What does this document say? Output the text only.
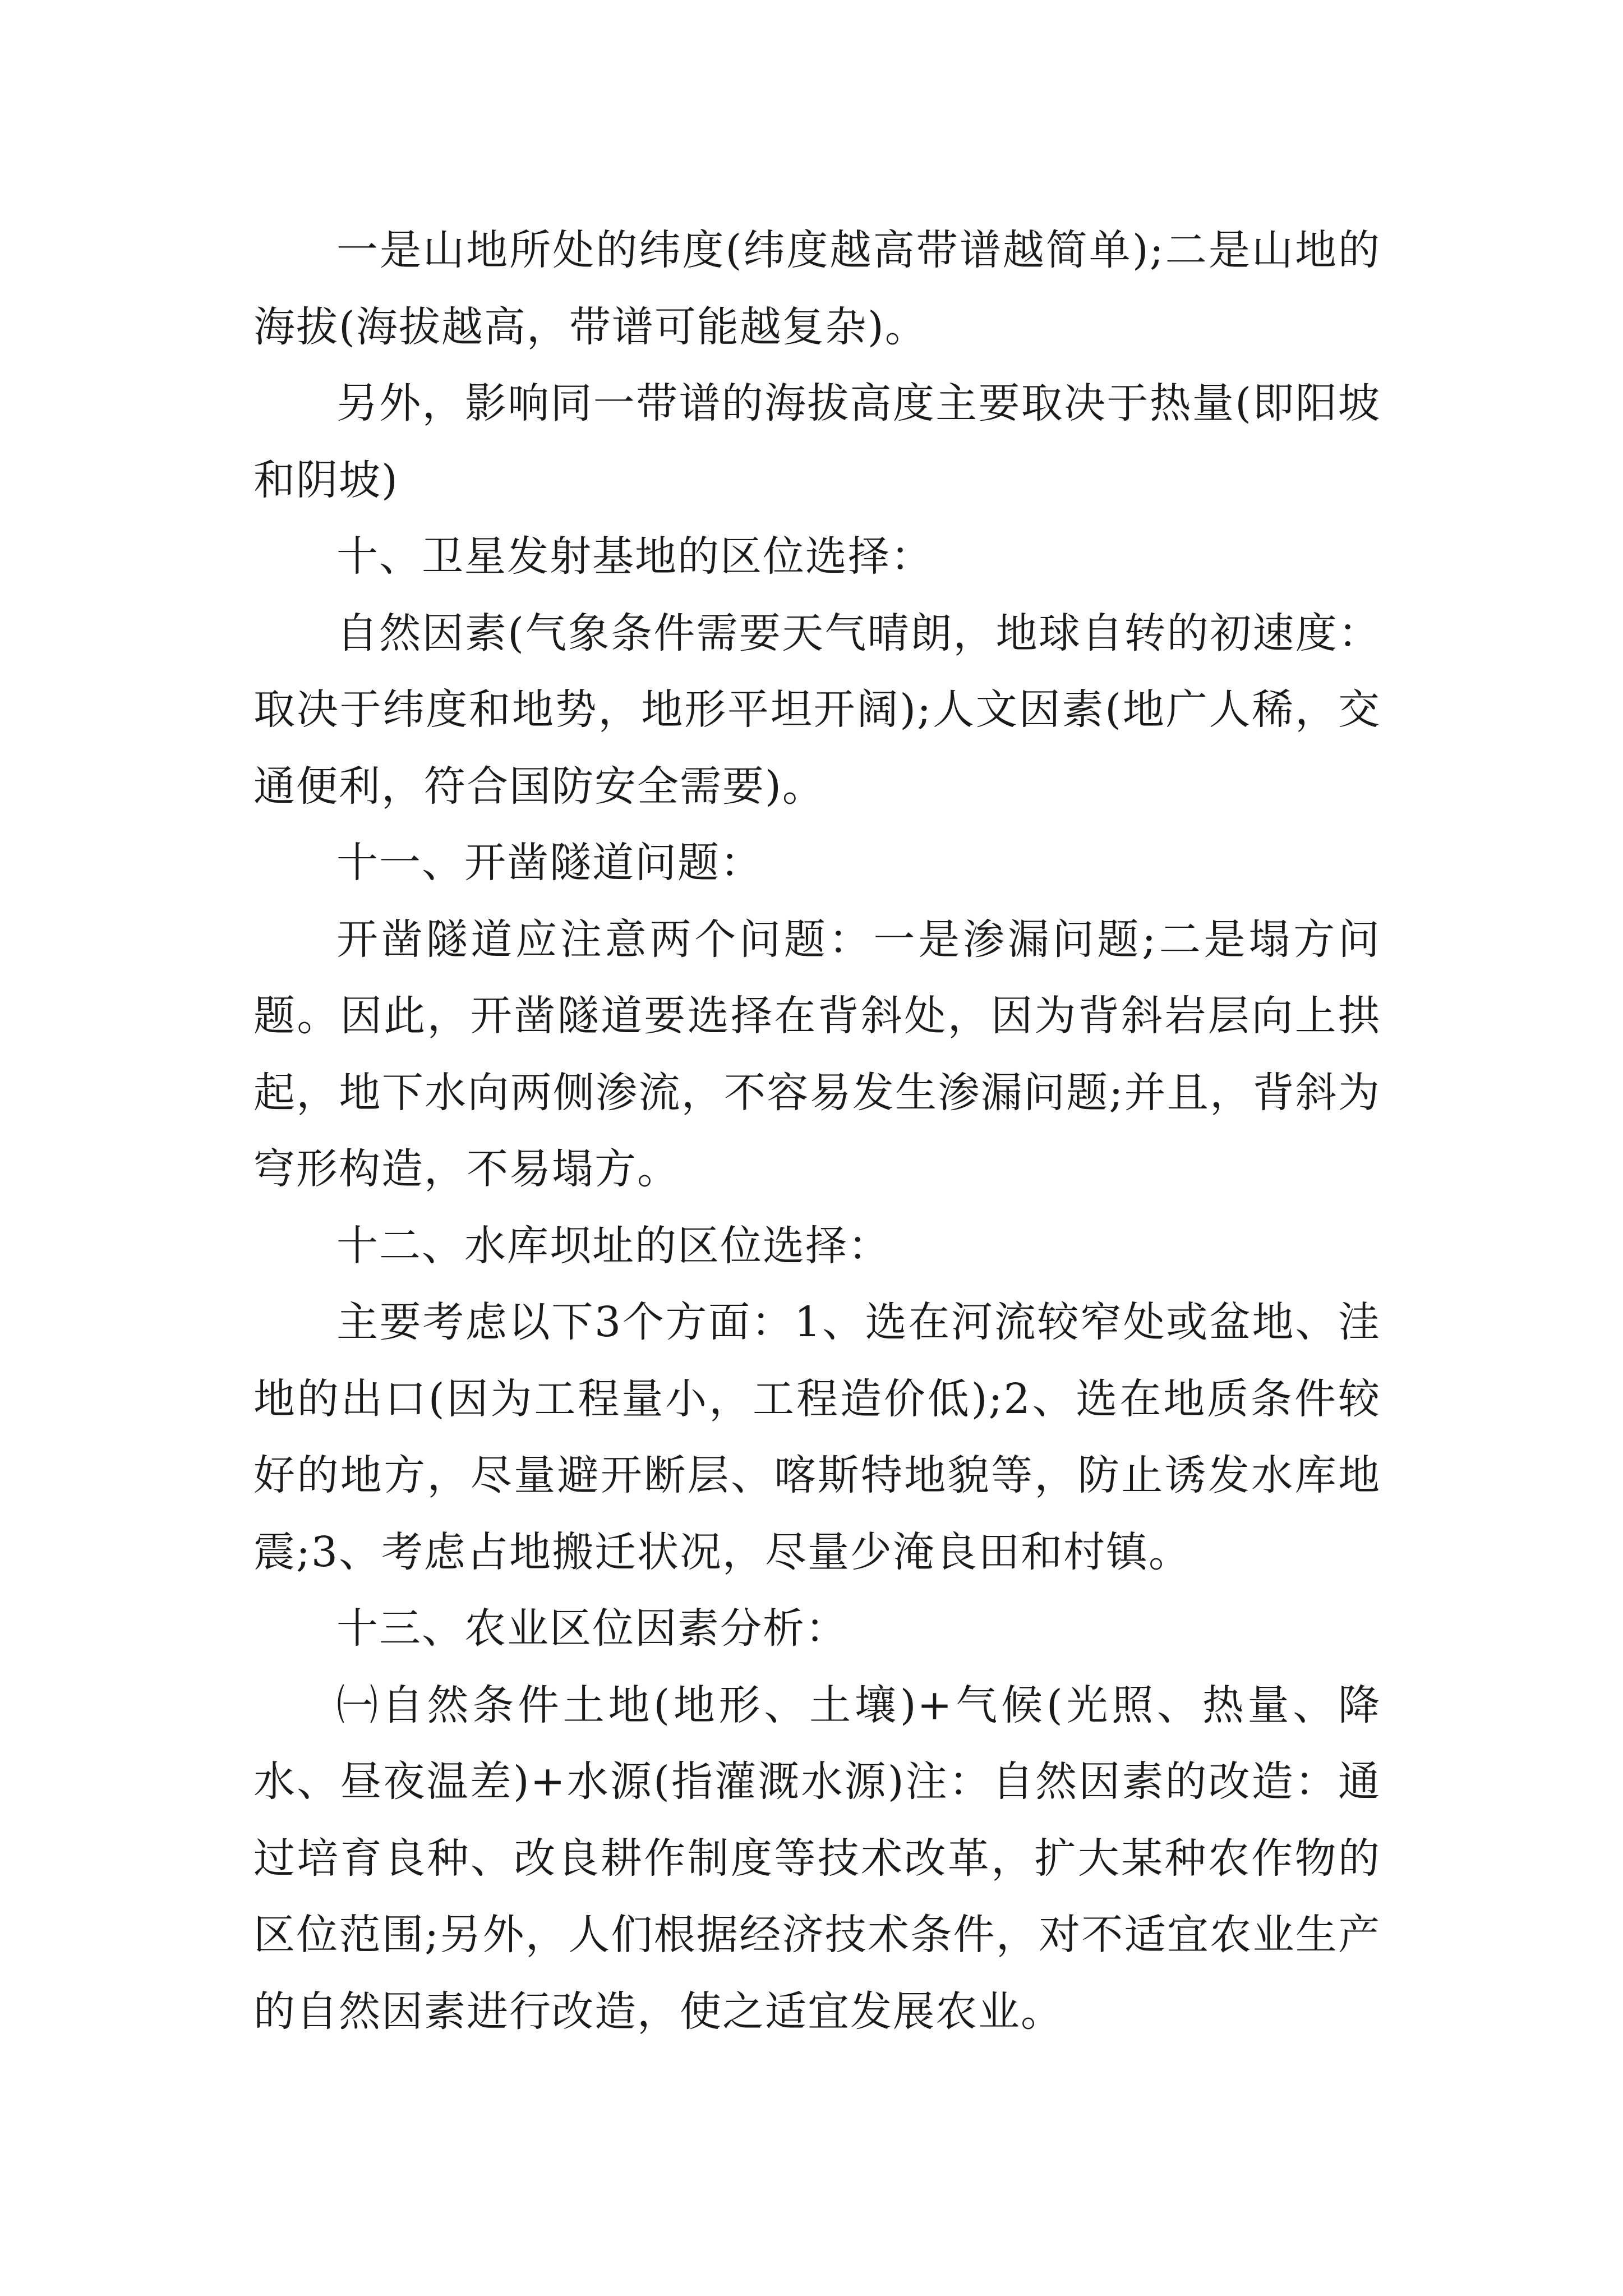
一是山地所处的纬度(纬度越高带谱越简单);二是山地的海拔(海拔越高，带谱可能越复杂)。

另外，影响同一带谱的海拔高度主要取决于热量(即阳坡和阴坡)

十、卫星发射基地的区位选择：

自然因素(气象条件需要天气晴朗，地球自转的初速度：取决于纬度和地势，地形平坦开阔);人文因素(地广人稀，交通便利，符合国防安全需要)。

十一、开凿隧道问题：

开凿隧道应注意两个问题：一是渗漏问题;二是塌方问题。因此，开凿隧道要选择在背斜处，因为背斜岩层向上拱起，地下水向两侧渗流，不容易发生渗漏问题;并且，背斜为穹形构造，不易塌方。

十二、水库坝址的区位选择：

主要考虑以下3个方面：1、选在河流较窄处或盆地、洼地的出口(因为工程量小，工程造价低);2、选在地质条件较好的地方，尽量避开断层、喀斯特地貌等，防止诱发水库地震;3、考虑占地搬迁状况，尽量少淹良田和村镇。

十三、农业区位因素分析：

㈠自然条件土地(地形、土壤)+气候(光照、热量、降水、昼夜温差)+水源(指灌溉水源)注：自然因素的改造：通过培育良种、改良耕作制度等技术改革，扩大某种农作物的区位范围;另外，人们根据经济技术条件，对不适宜农业生产的自然因素进行改造，使之适宜发展农业。
